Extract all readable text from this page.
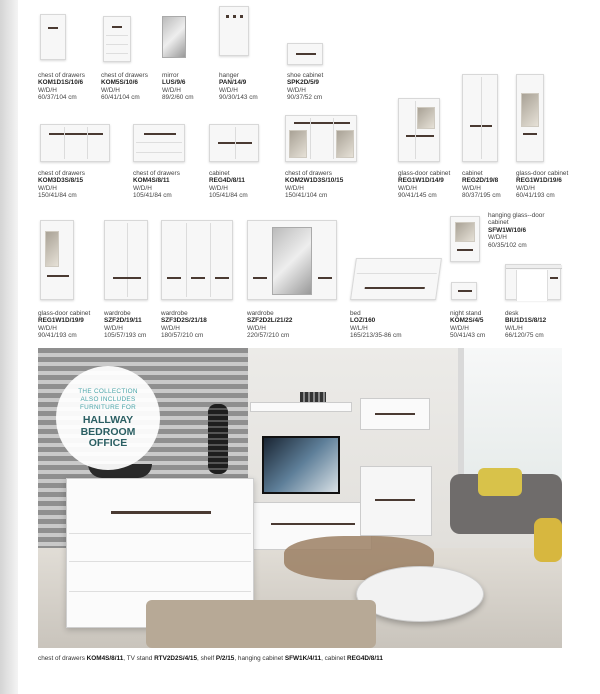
chest of drawers
KOM1D1S/10/6
W/D/H
60/37/104 cm
chest of drawers
KOM5S/10/6
W/D/H
60/41/104 cm
mirror
LUS/9/6
W/D/H
89/2/60 cm
hanger
PAN/14/9
W/D/H
90/30/143 cm
shoe cabinet
SPK2D/5/9
W/D/H
90/37/52 cm
chest of drawers
KOM3D3S/8/15
W/D/H
150/41/84 cm
chest of drawers
KOM4S/8/11
W/D/H
105/41/84 cm
cabinet
REG4D/8/11
W/D/H
105/41/84 cm
chest of drawers
KOM2W1D3S/10/15
W/D/H
150/41/104 cm
glass-door cabinet
REG1W1D/14/9
W/D/H
90/41/145 cm
cabinet
REG2D/19/8
W/D/H
80/37/195 cm
glass-door cabinet
REG1W1D/19/6
W/D/H
60/41/193 cm
hanging glass--door cabinet
SFW1W/10/6
W/D/H
60/35/102 cm
glass-door cabinet
REG1W1D/19/9
W/D/H
90/41/193 cm
wardrobe
SZF2D/19/11
W/D/H
105/57/193 cm
wardrobe
SZF3D2S/21/18
W/D/H
180/57/210 cm
wardrobe
SZF2D2L/21/22
W/D/H
220/57/210 cm
bed
LOZ/160
W/L/H
165/213/35-86 cm
night stand
KOM2S/4/5
W/D/H
50/41/43 cm
desk
BIU1D1S/8/12
W/L/H
66/120/75 cm
THE COLLECTION
ALSO INCLUDES
FURNITURE FOR
HALLWAY
BEDROOM
OFFICE
chest of drawers KOM4S/8/11, TV stand RTV2D2S/4/15, shelf P/2/15, hanging cabinet SFW1K/4/11, cabinet REG4D/8/11
